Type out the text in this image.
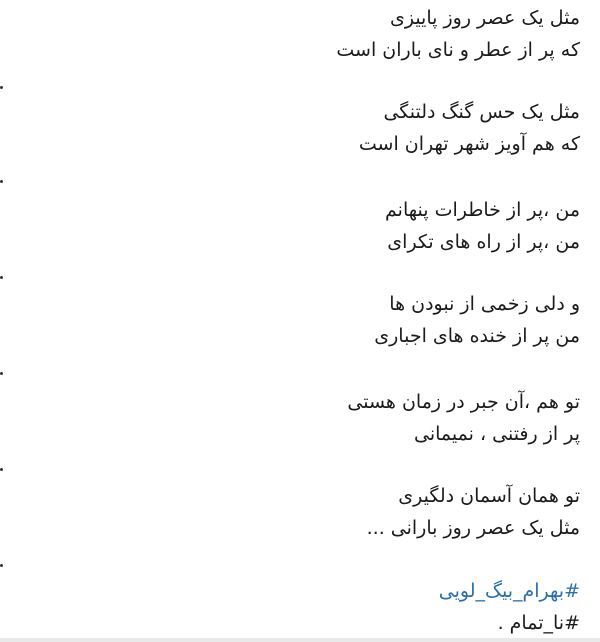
مثل یک عصر روز پاییزی
که پر از عطر و نای باران است
مثل یک حس گنگ دلتنگی
که هم آویز شهر تهران است
من ،پر از خاطرات پنهانم
من ،پر از راه های تکرای
و دلی زخمی از نبودن ها
من پر از خنده های اجباری
تو هم ،آن جبر در زمان هستی
پر از رفتنی ، نمیمانی
تو همان آسمان دلگیری
مثل یک عصر روز بارانی ...
#بهرام_بیگ_لویی
#نا_تمام .
